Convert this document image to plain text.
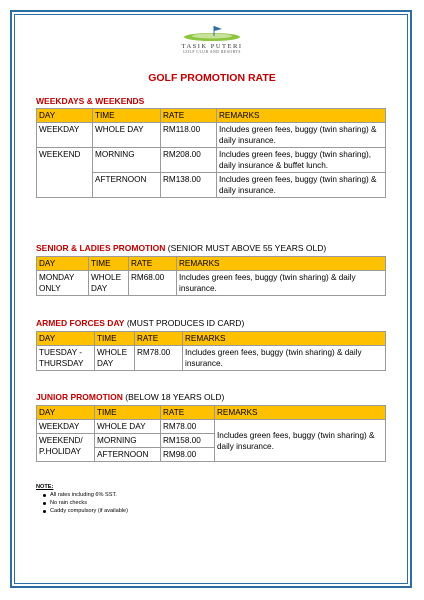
TASIK PUTERI
GOLF CLUB AND RESORTS
GOLF PROMOTION RATE
WEEKDAYS & WEEKENDS
DAY	TIME	RATE	REMARKS
WEEKDAY	WHOLE DAY	RM118.00	Includes green fees, buggy (twin sharing) & daily insurance.
WEEKEND	MORNING	RM208.00	Includes green fees, buggy (twin sharing), daily insurance & buffet lunch.
	AFTERNOON	RM138.00	Includes green fees, buggy (twin sharing) & daily insurance.
SENIOR & LADIES PROMOTION (SENIOR MUST ABOVE 55 YEARS OLD)
DAY	TIME	RATE	REMARKS
MONDAY ONLY	WHOLE DAY	RM68.00	Includes green fees, buggy (twin sharing) & daily insurance.
ARMED FORCES DAY (MUST PRODUCES ID CARD)
DAY	TIME	RATE	REMARKS
TUESDAY - THURSDAY	WHOLE DAY	RM78.00	Includes green fees, buggy (twin sharing) & daily insurance.
JUNIOR PROMOTION (BELOW 18 YEARS OLD)
DAY	TIME	RATE	REMARKS
WEEKDAY	WHOLE DAY	RM78.00	Includes green fees, buggy (twin sharing) & daily insurance.
WEEKEND/ P.HOLIDAY	MORNING	RM158.00	
	AFTERNOON	RM98.00	
NOTE:
All rates including 6% SST.
No rain checks
Caddy compulsory (if available)
